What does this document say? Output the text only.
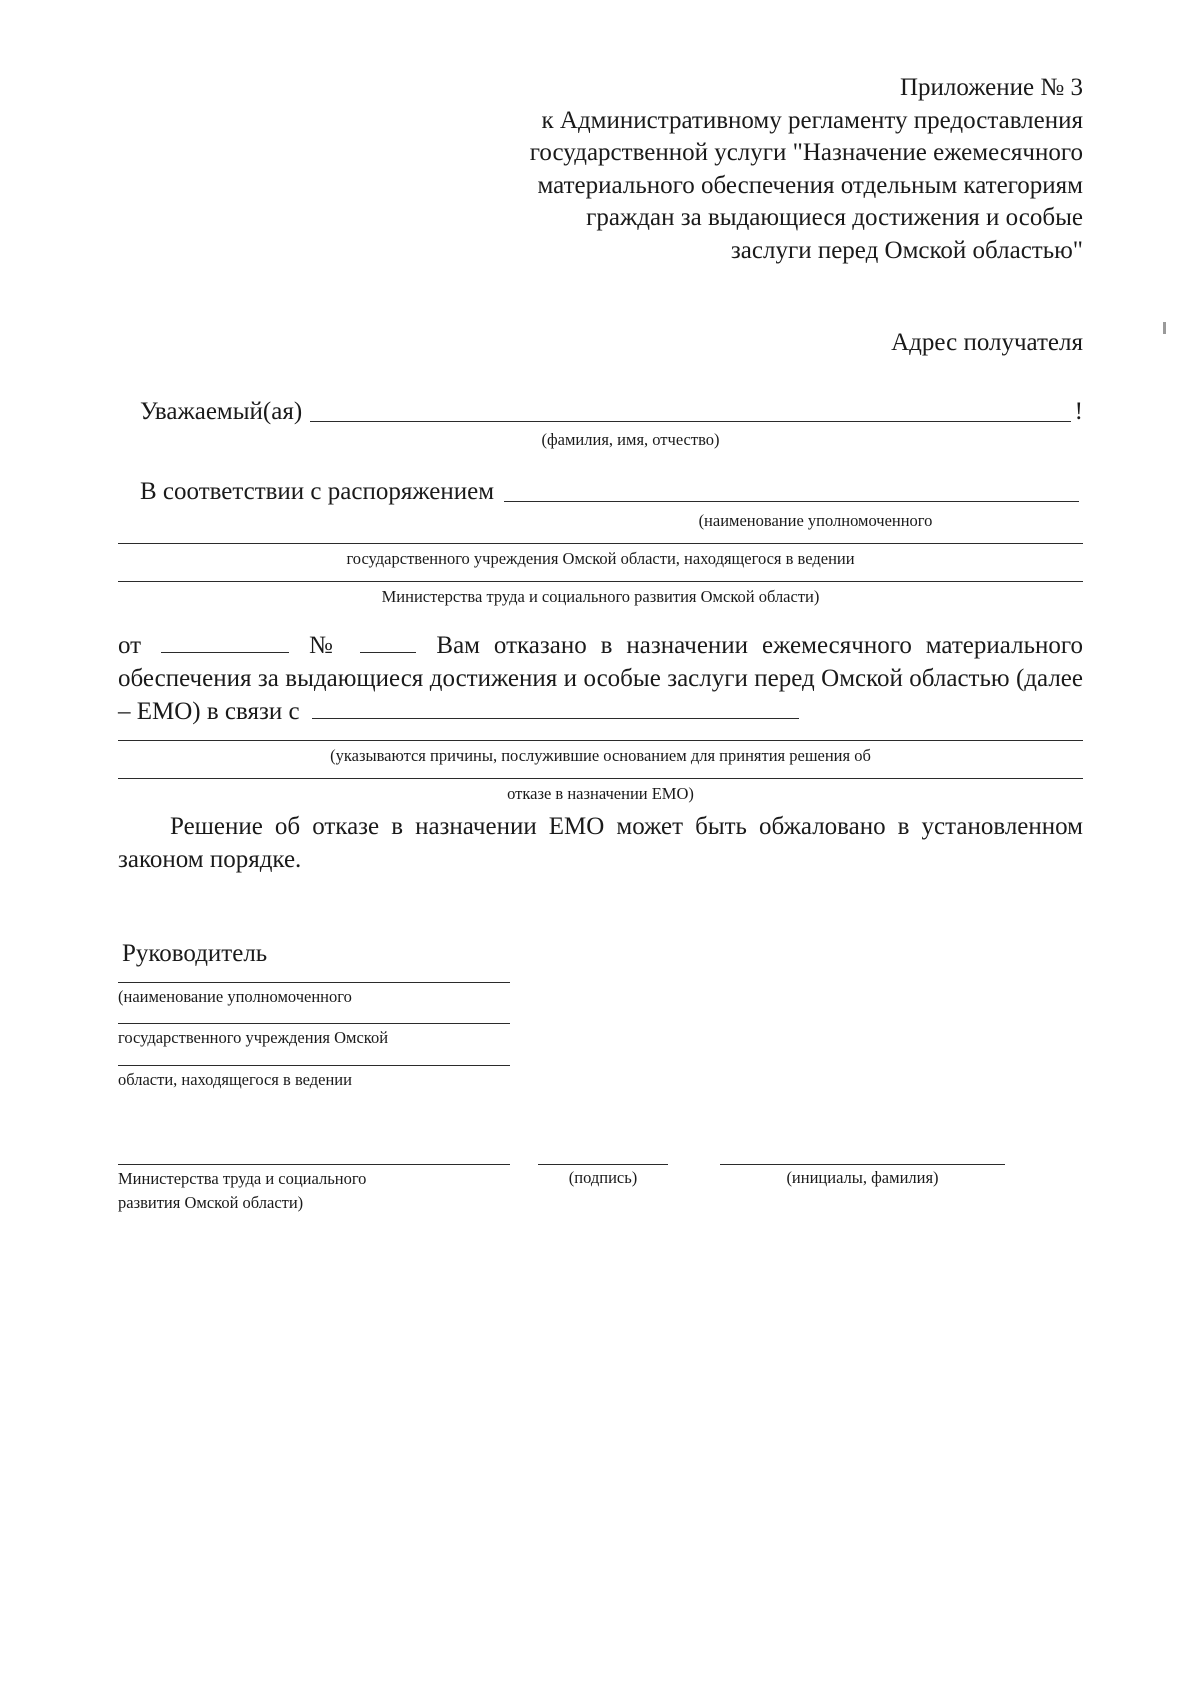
Приложение № 3
к Административному регламенту предоставления
государственной услуги "Назначение ежемесячного
материального обеспечения отдельным категориям
граждан за выдающиеся достижения и особые
заслуги перед Омской областью"
Адрес получателя
Уважаемый(ая)	!
(фамилия, имя, отчество)
В соответствии с распоряжением
(наименование уполномоченного
государственного учреждения Омской области, находящегося в ведении
Министерства труда и социального развития Омской области)
от	№	Вам отказано в назначении ежемесячного материального обеспечения за выдающиеся достижения и особые заслуги перед Омской областью (далее – ЕМО) в связи с
(указываются причины, послужившие основанием для принятия решения об
отказе в назначении ЕМО)
Решение об отказе в назначении ЕМО может быть обжаловано в установленном законом порядке.
Руководитель
(наименование уполномоченного
государственного учреждения Омской
области, находящегося в ведении
Министерства труда и социального
развития Омской области)
(подпись)	(инициалы, фамилия)
